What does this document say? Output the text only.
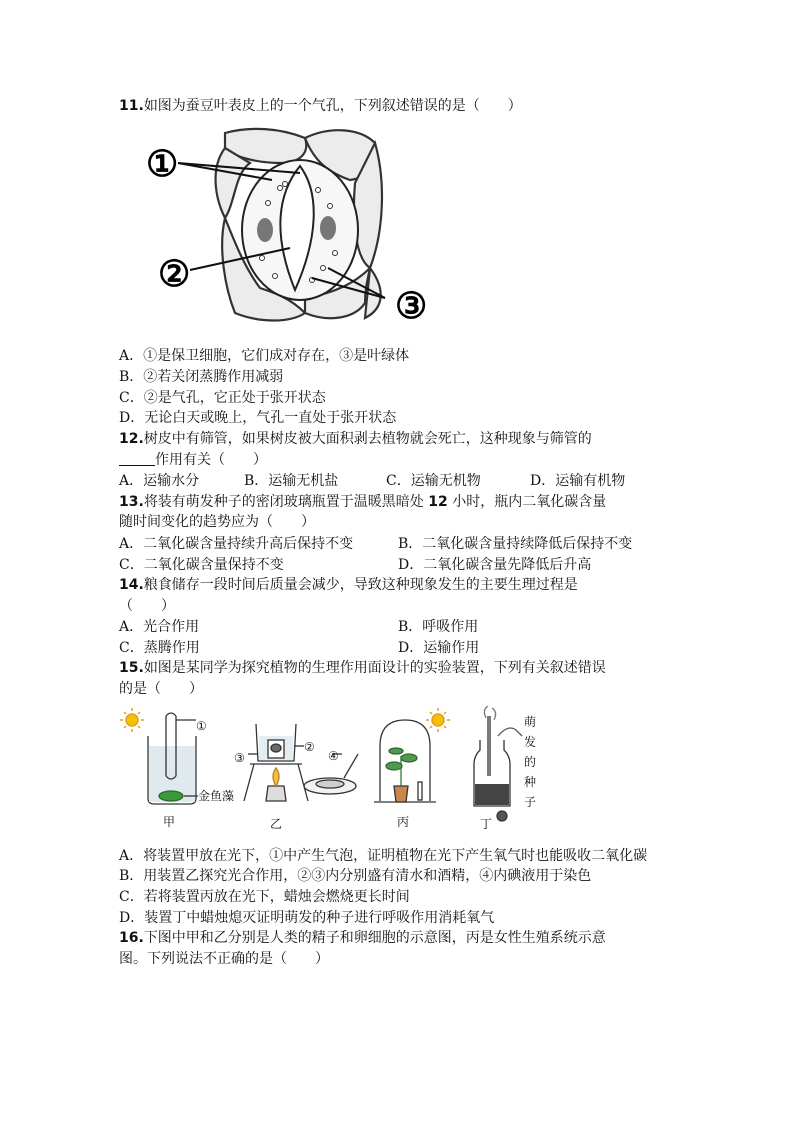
11.如图为蚕豆叶表皮上的一个气孔，下列叙述错误的是（　　）
①
②
③
A．①是保卫细胞，它们成对存在，③是叶绿体
B．②若关闭蒸腾作用减弱
C．②是气孔，它正处于张开状态
D．无论白天或晚上，气孔一直处于张开状态
12.树皮中有筛管，如果树皮被大面积剥去植物就会死亡，这种现象与筛管的
作用有关（　　）
A．运输水分	B．运输无机盐	C．运输无机物	D．运输有机物
13.将装有萌发种子的密闭玻璃瓶置于温暖黑暗处 12 小时，瓶内二氧化碳含量
随时间变化的趋势应为（　　）
A．二氧化碳含量持续升高后保持不变	B．二氧化碳含量持续降低后保持不变
C．二氧化碳含量保持不变	D．二氧化碳含量先降低后升高
14.粮食储存一段时间后质量会减少，导致这种现象发生的主要生理过程是
（　　）
A．光合作用	B．呼吸作用
C．蒸腾作用	D．运输作用
15.如图是某同学为探究植物的生理作用面设计的实验装置，下列有关叙述错误
的是（　　）
①
金鱼藻
③
②
④
萌
发
的
种
子
甲	乙	丙	丁
A．将装置甲放在光下，①中产生气泡，证明植物在光下产生氧气时也能吸收二氧化碳
B．用装置乙探究光合作用，②③内分别盛有清水和酒精，④内碘液用于染色
C．若将装置丙放在光下，蜡烛会燃烧更长时间
D．装置丁中蜡烛熄灭证明萌发的种子进行呼吸作用消耗氧气
16.下图中甲和乙分别是人类的精子和卵细胞的示意图，丙是女性生殖系统示意
图。下列说法不正确的是（　　）
